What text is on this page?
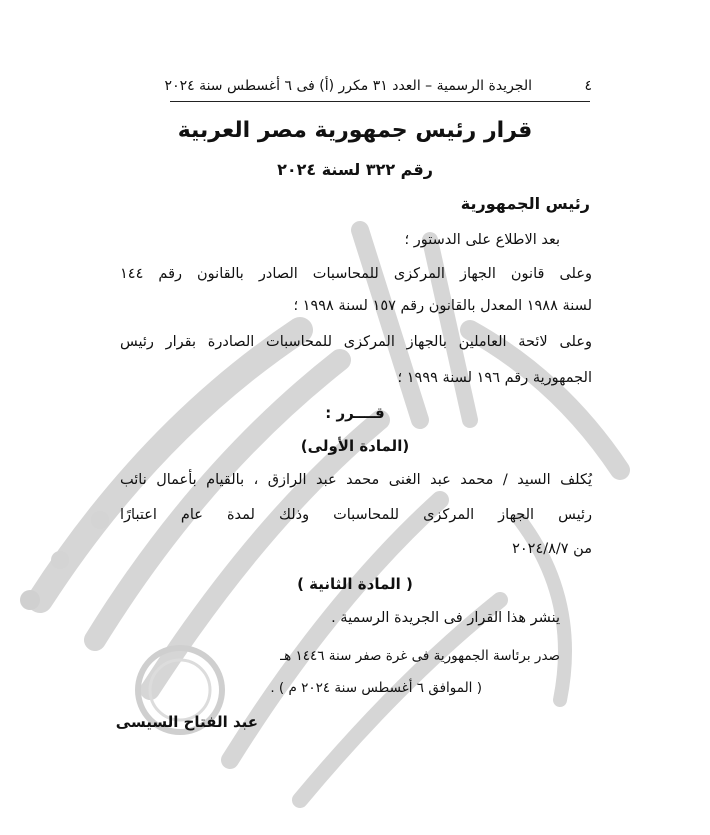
٤
الجريدة الرسمية – العدد ٣١ مكرر (أ) فى ٦ أغسطس سنة ٢٠٢٤
قرار رئيس جمهورية مصر العربية
رقم ٣٢٢ لسنة ٢٠٢٤
رئيس الجمهورية
بعد الاطلاع على الدستور ؛
وعلى قانون الجهاز المركزى للمحاسبات الصادر بالقانون رقم ١٤٤
لسنة ١٩٨٨ المعدل بالقانون رقم ١٥٧ لسنة ١٩٩٨ ؛
وعلى لائحة العاملين بالجهاز المركزى للمحاسبات الصادرة بقرار رئيس
الجمهورية رقم ١٩٦ لسنة ١٩٩٩ ؛
قــــرر :
(المادة الأولى)
يُكلف السيد / محمد عبد الغنى محمد عبد الرازق ، بالقيام بأعمال نائب
رئيس الجهاز المركزى للمحاسبات وذلك لمدة عام اعتبارًا
من ٢٠٢٤/٨/٧
( المادة الثانية )
ينشر هذا القرار فى الجريدة الرسمية .
صدر برئاسة الجمهورية فى غرة صفر سنة ١٤٤٦ هـ
( الموافق ٦ أغسطس سنة ٢٠٢٤ م ) .
عبد الفتاح السيسى
